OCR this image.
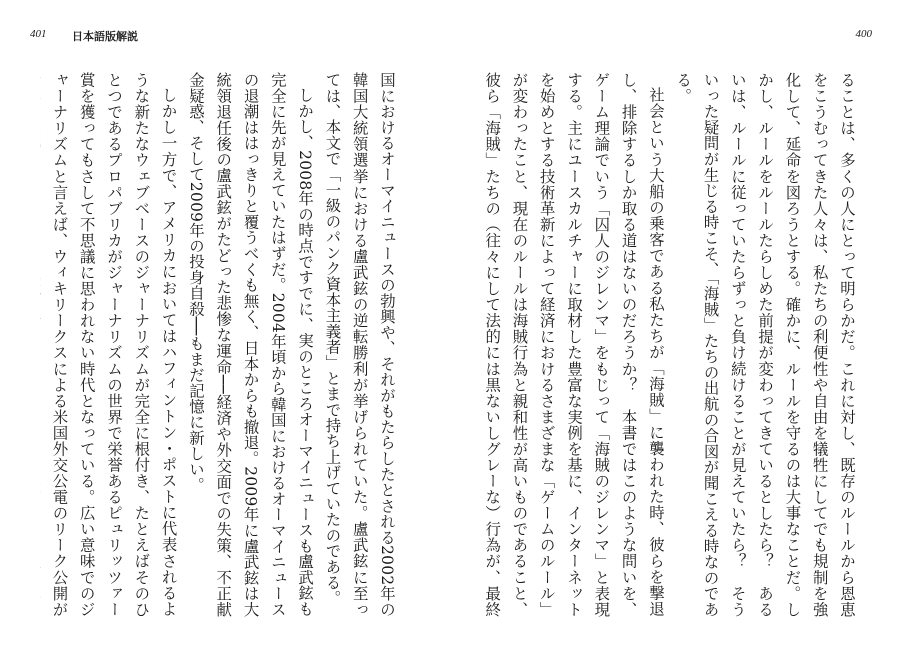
401 日本語版解説

国におけるオーマイニュースの勃興や、それがもたらしたとされる2002年の韓国大統領選挙における盧武鉉の逆転勝利が挙げられていた。盧武鉉に至っては、本文で「一級のパンク資本主義者」とまで持ち上げていたのである。

しかし、2008年の時点ですでに、実のところオーマイニュースも盧武鉉も完全に先が見えていたはずだ。2004年頃から韓国におけるオーマイニュースの退潮ははっきりと覆うべくも無く、日本からも撤退。2009年に盧武鉉は大統領退任後の盧武鉉がたどった悲惨な運命──経済や外交面での失策、不正献金疑惑、そして2009年の投身自殺──もまだ記憶に新しい。

しかし一方で、アメリカにおいてはハフィントン・ポストに代表されるような新たなウェブベースのジャーナリズムが完全に根付き、たとえばそのひとつであるプロパブリカがジャーナリズムの世界で栄誉あるピュリッツァー賞を獲ってもさして不思議に思われない時代となっている。広い意味でのジャーナリズムと言えば、ウィキリークスによる米国外交公電のリーク公開が

400

ることは、多くの人にとって明らかだ。これに対し、既存のルールから恩恵をこうむってきた人々は、私たちの利便性や自由を犠牲にしてでも規制を強化して、延命を図ろうとする。確かに、ルールを守るのは大事なことだ。しかし、ルールをルールたらしめた前提が変わってきているとしたら？　あるいは、ルールに従っていたらずっと負け続けることが見えていたら？　そういった疑問が生じる時こそ、「海賊」たちの出航の合図が聞こえる時なのである。

社会という大船の乗客である私たちが「海賊」に襲われた時、彼らを撃退し、排除するしか取る道はないのだろうか？　本書ではこのような問いを、ゲーム理論でいう「囚人のジレンマ」をもじって「海賊のジレンマ」と表現する。主にユースカルチャーに取材した豊富な実例を基に、インターネットを始めとする技術革新によって経済におけるさまざまな「ゲームのルール」が変わったこと、現在のルールは海賊行為と親和性が高いものであること、彼ら「海賊」たちの（往々にして法的には黒ないしグレーな）行為が、最終
